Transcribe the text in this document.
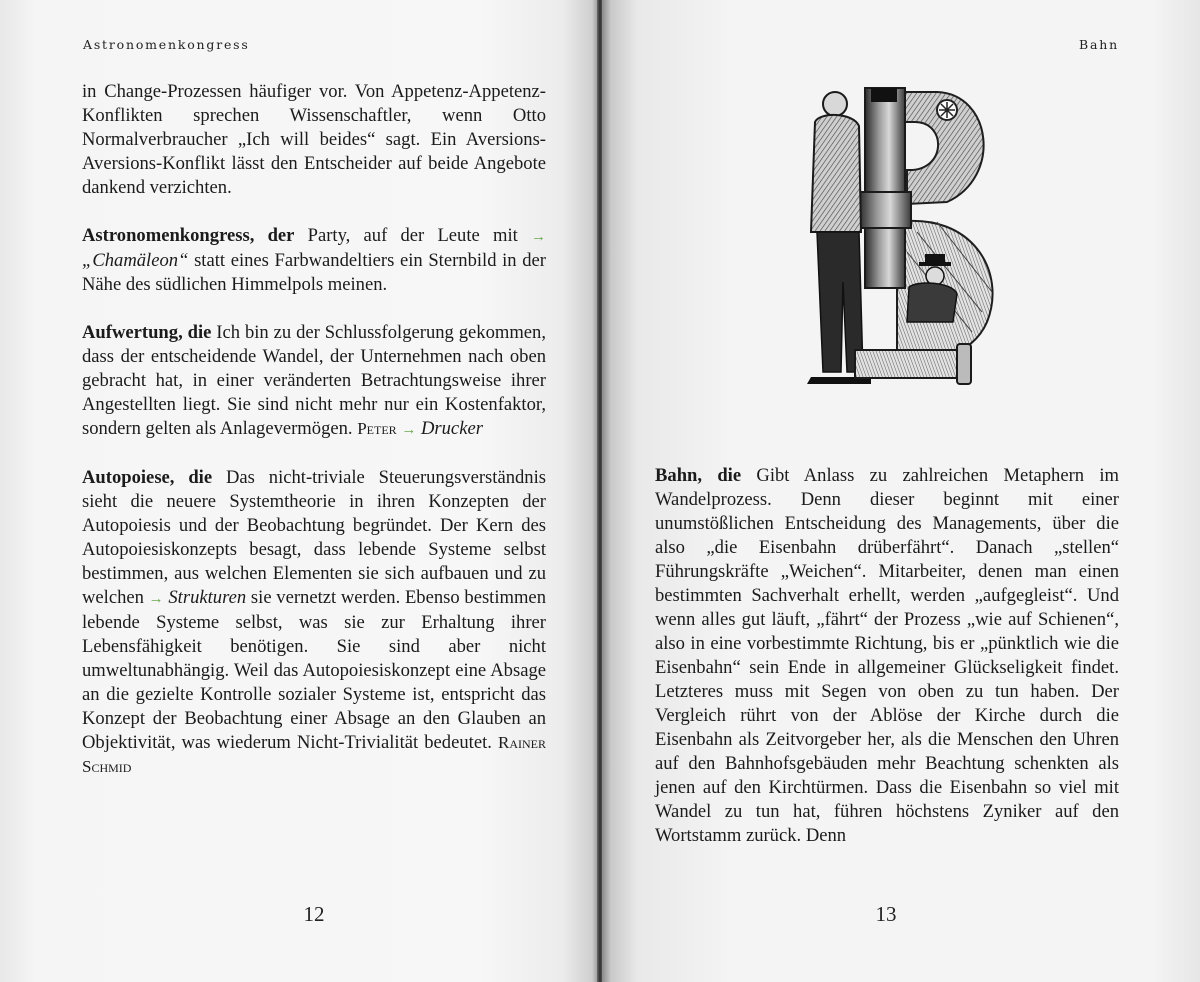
Astronomenkongress

in Change-Prozessen häufiger vor. Von Appetenz-Appetenz-Konflikten sprechen Wissenschaftler, wenn Otto Normalverbraucher „Ich will beides“ sagt. Ein Aversions-Aversions-Konflikt lässt den Entscheider auf beide Angebote dankend verzichten.

Astronomenkongress, der Party, auf der Leute mit → „Chamäleon“ statt eines Farbwandeltiers ein Sternbild in der Nähe des südlichen Himmelpols meinen.

Aufwertung, die Ich bin zu der Schlussfolgerung gekommen, dass der entscheidende Wandel, der Unternehmen nach oben gebracht hat, in einer veränderten Betrachtungsweise ihrer Angestellten liegt. Sie sind nicht mehr nur ein Kostenfaktor, sondern gelten als Anlagevermögen. Peter → Drucker

Autopoiese, die Das nicht-triviale Steuerungsverständnis sieht die neuere Systemtheorie in ihren Konzepten der Autopoiesis und der Beobachtung begründet. Der Kern des Autopoiesiskonzepts besagt, dass lebende Systeme selbst bestimmen, aus welchen Elementen sie sich aufbauen und zu welchen → Strukturen sie vernetzt werden. Ebenso bestimmen lebende Systeme selbst, was sie zur Erhaltung ihrer Lebensfähigkeit benötigen. Sie sind aber nicht umweltunabhängig. Weil das Autopoiesiskonzept eine Absage an die gezielte Kontrolle sozialer Systeme ist, entspricht das Konzept der Beobachtung einer Absage an den Glauben an Objektivität, was wiederum Nicht-Trivialität bedeutet. Rainer Schmid

12
Bahn

Bahn, die Gibt Anlass zu zahlreichen Metaphern im Wandelprozess. Denn dieser beginnt mit einer unumstößlichen Entscheidung des Managements, über die also „die Eisenbahn drüberfährt“. Danach „stellen“ Führungskräfte „Weichen“. Mitarbeiter, denen man einen bestimmten Sachverhalt erhellt, werden „aufgegleist“. Und wenn alles gut läuft, „fährt“ der Prozess „wie auf Schienen“, also in eine vorbestimmte Richtung, bis er „pünktlich wie die Eisenbahn“ sein Ende in allgemeiner Glückseligkeit findet. Letzteres muss mit Segen von oben zu tun haben. Der Vergleich rührt von der Ablöse der Kirche durch die Eisenbahn als Zeitvorgeber her, als die Menschen den Uhren auf den Bahnhofsgebäuden mehr Beachtung schenkten als jenen auf den Kirchtürmen. Dass die Eisenbahn so viel mit Wandel zu tun hat, führen höchstens Zyniker auf den Wortstamm zurück. Denn

13
